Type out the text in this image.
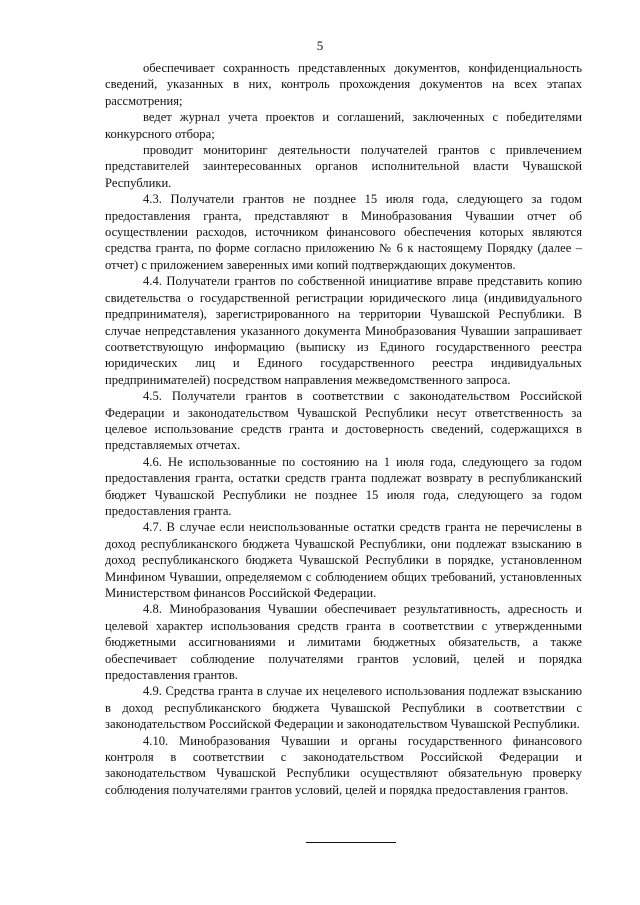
5

обеспечивает сохранность представленных документов, конфиденциальность сведений, указанных в них, контроль прохождения документов на всех этапах рассмотрения;

ведет журнал учета проектов и соглашений, заключенных с победителями конкурсного отбора;

проводит мониторинг деятельности получателей грантов с привлечением представителей заинтересованных органов исполнительной власти Чувашской Республики.

4.3. Получатели грантов не позднее 15 июля года, следующего за годом предоставления гранта, представляют в Минобразования Чувашии отчет об осуществлении расходов, источником финансового обеспечения которых являются средства гранта, по форме согласно приложению № 6 к настоящему Порядку (далее – отчет) с приложением заверенных ими копий подтверждающих документов.

4.4. Получатели грантов по собственной инициативе вправе представить копию свидетельства о государственной регистрации юридического лица (индивидуального предпринимателя), зарегистрированного на территории Чувашской Республики. В случае непредставления указанного документа Минобразования Чувашии запрашивает соответствующую информацию (выписку из Единого государственного реестра юридических лиц и Единого государственного реестра индивидуальных предпринимателей) посредством направления межведомственного запроса.

4.5. Получатели грантов в соответствии с законодательством Российской Федерации и законодательством Чувашской Республики несут ответственность за целевое использование средств гранта и достоверность сведений, содержащихся в представляемых отчетах.

4.6. Не использованные по состоянию на 1 июля года, следующего за годом предоставления гранта, остатки средств гранта подлежат возврату в республиканский бюджет Чувашской Республики не позднее 15 июля года, следующего за годом предоставления гранта.

4.7. В случае если неиспользованные остатки средств гранта не перечислены в доход республиканского бюджета Чувашской Республики, они подлежат взысканию в доход республиканского бюджета Чувашской Республики в порядке, установленном Минфином Чувашии, определяемом с соблюдением общих требований, установленных Министерством финансов Российской Федерации.

4.8. Минобразования Чувашии обеспечивает результативность, адресность и целевой характер использования средств гранта в соответствии с утвержденными бюджетными ассигнованиями и лимитами бюджетных обязательств, а также обеспечивает соблюдение получателями грантов условий, целей и порядка предоставления грантов.

4.9. Средства гранта в случае их нецелевого использования подлежат взысканию в доход республиканского бюджета Чувашской Республики в соответствии с законодательством Российской Федерации и законодательством Чувашской Республики.

4.10. Минобразования Чувашии и органы государственного финансового контроля в соответствии с законодательством Российской Федерации и законодательством Чувашской Республики осуществляют обязательную проверку соблюдения получателями грантов условий, целей и порядка предоставления грантов.
